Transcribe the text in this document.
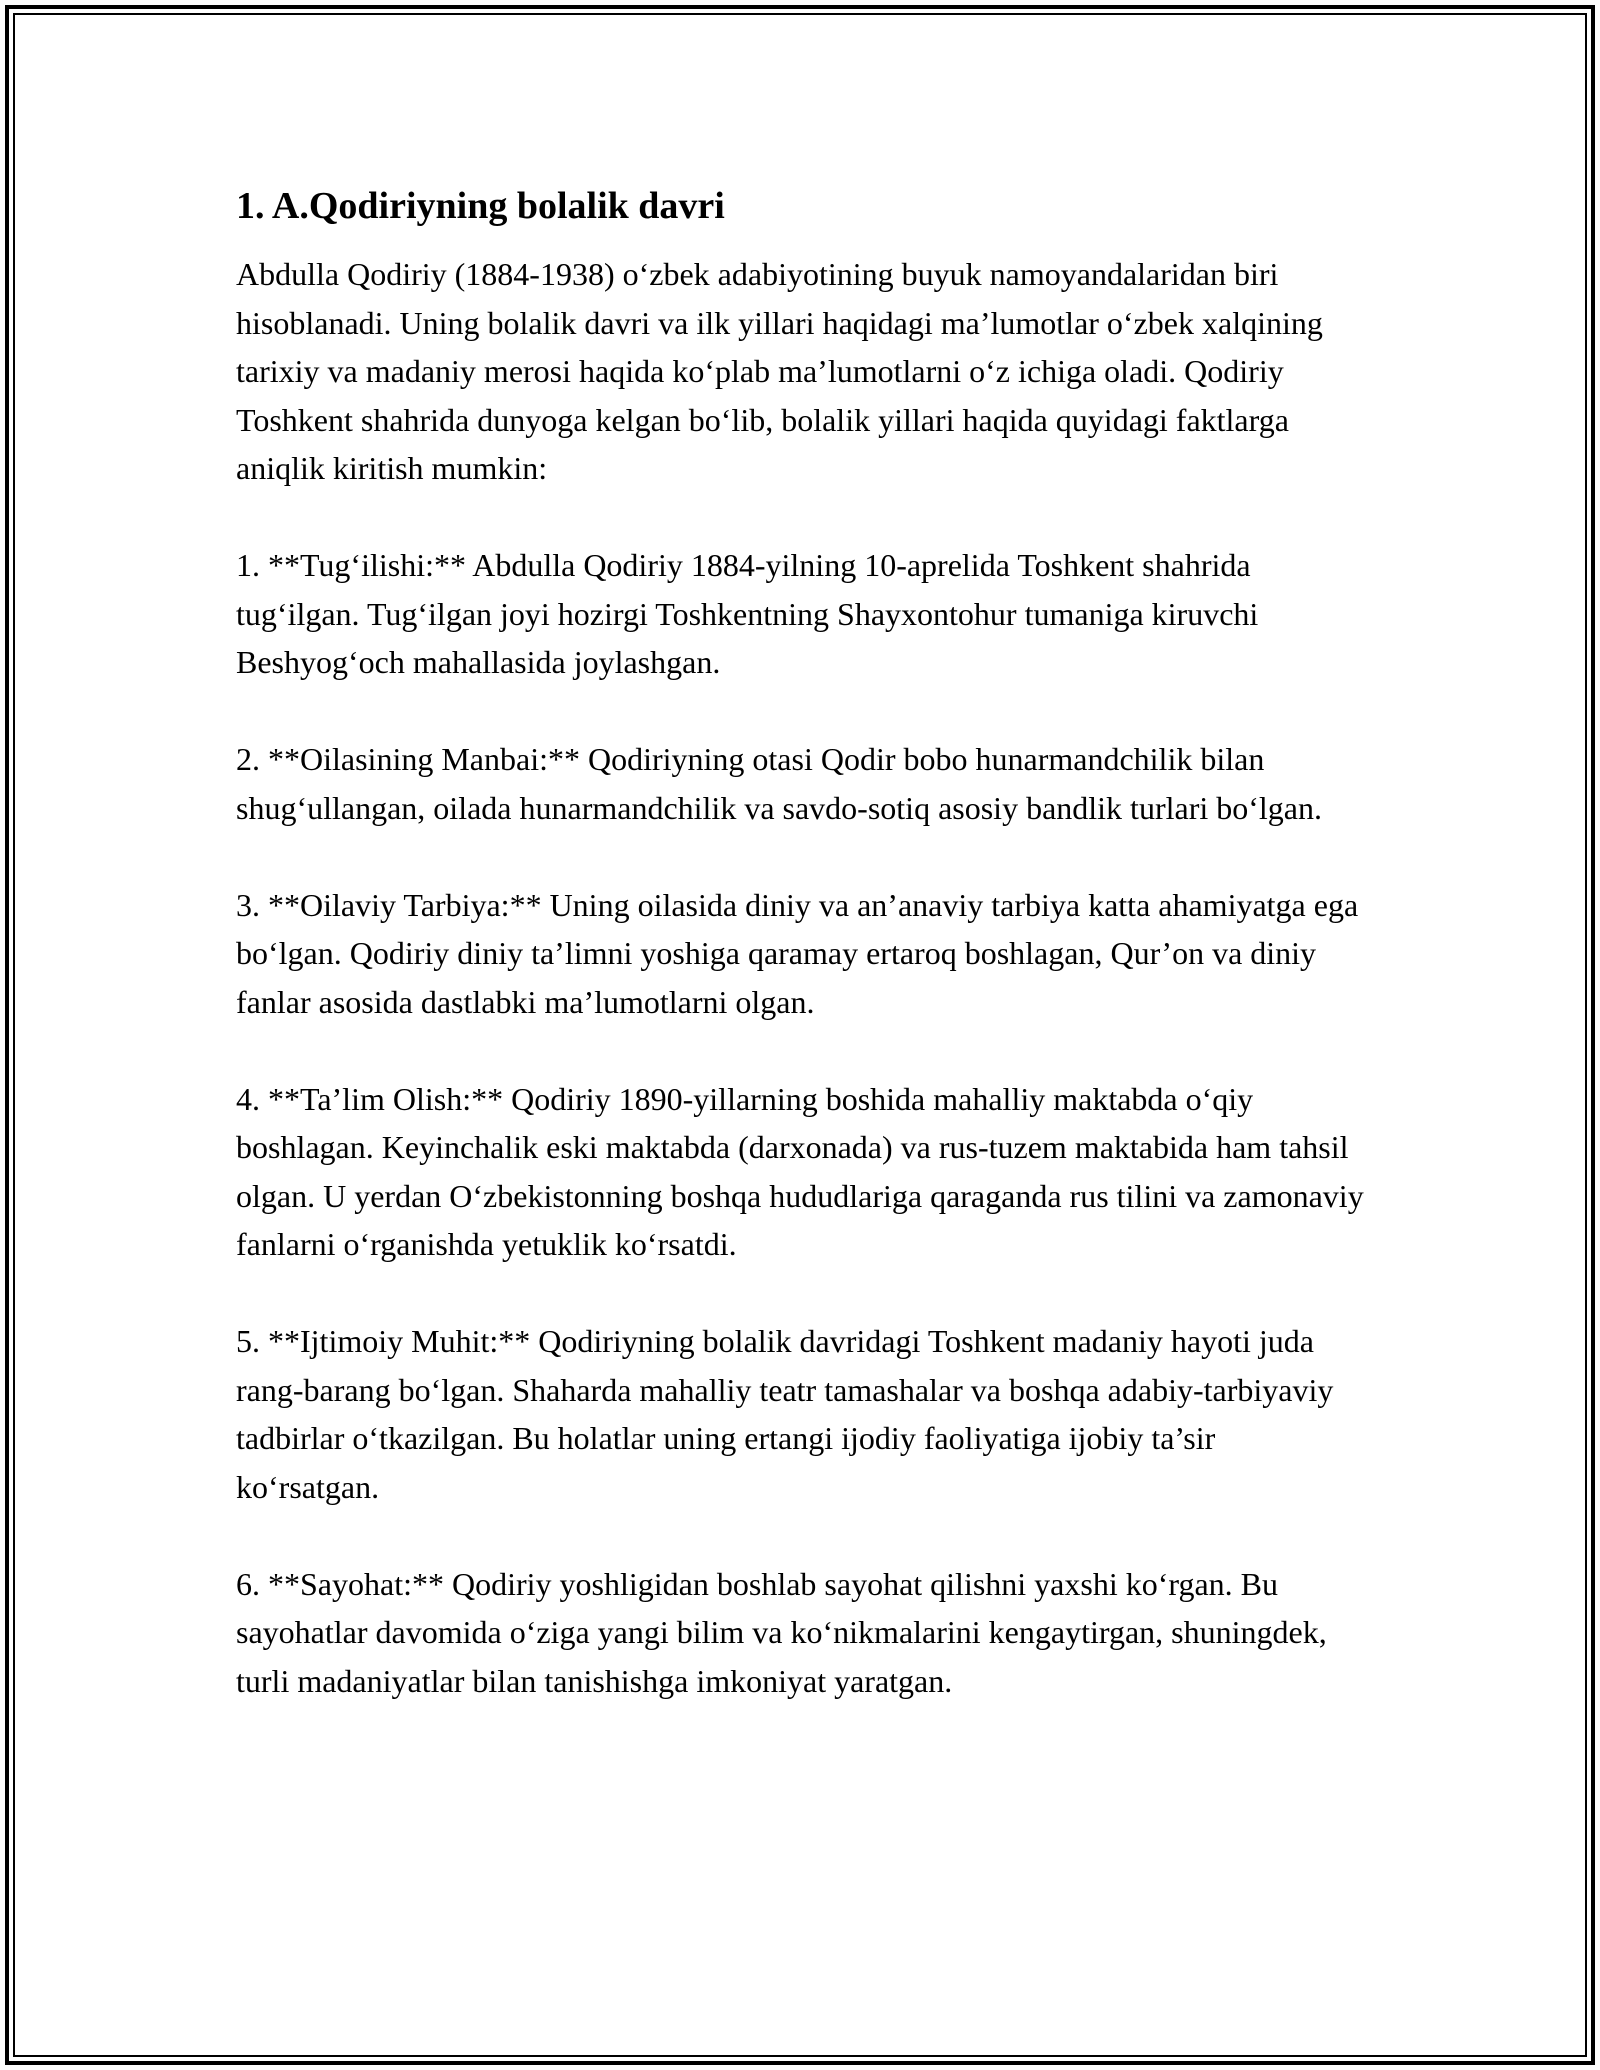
1. A.Qodiriyning bolalik davri

Abdulla Qodiriy (1884-1938) o‘zbek adabiyotining buyuk namoyandalaridan biri hisoblanadi. Uning bolalik davri va ilk yillari haqidagi ma’lumotlar o‘zbek xalqining tarixiy va madaniy merosi haqida ko‘plab ma’lumotlarni o‘z ichiga oladi. Qodiriy Toshkent shahrida dunyoga kelgan bo‘lib, bolalik yillari haqida quyidagi faktlarga aniqlik kiritish mumkin:

1. **Tug‘ilishi:** Abdulla Qodiriy 1884-yilning 10-aprelida Toshkent shahrida tug‘ilgan. Tug‘ilgan joyi hozirgi Toshkentning Shayxontohur tumaniga kiruvchi Beshyog‘och mahallasida joylashgan.

2. **Oilasining Manbai:** Qodiriyning otasi Qodir bobo hunarmandchilik bilan shug‘ullangan, oilada hunarmandchilik va savdo-sotiq asosiy bandlik turlari bo‘lgan.

3. **Oilaviy Tarbiya:** Uning oilasida diniy va an’anaviy tarbiya katta ahamiyatga ega bo‘lgan. Qodiriy diniy ta’limni yoshiga qaramay ertaroq boshlagan, Qur’on va diniy fanlar asosida dastlabki ma’lumotlarni olgan.

4. **Ta’lim Olish:** Qodiriy 1890-yillarning boshida mahalliy maktabda o‘qiy boshlagan. Keyinchalik eski maktabda (darxonada) va rus-tuzem maktabida ham tahsil olgan. U yerdan O‘zbekistonning boshqa hududlariga qaraganda rus tilini va zamonaviy fanlarni o‘rganishda yetuklik ko‘rsatdi.

5. **Ijtimoiy Muhit:** Qodiriyning bolalik davridagi Toshkent madaniy hayoti juda rang-barang bo‘lgan. Shaharda mahalliy teatr tamashalar va boshqa adabiy-tarbiyaviy tadbirlar o‘tkazilgan. Bu holatlar uning ertangi ijodiy faoliyatiga ijobiy ta’sir ko‘rsatgan.

6. **Sayohat:** Qodiriy yoshligidan boshlab sayohat qilishni yaxshi ko‘rgan. Bu sayohatlar davomida o‘ziga yangi bilim va ko‘nikmalarini kengaytirgan, shuningdek, turli madaniyatlar bilan tanishishga imkoniyat yaratgan.
